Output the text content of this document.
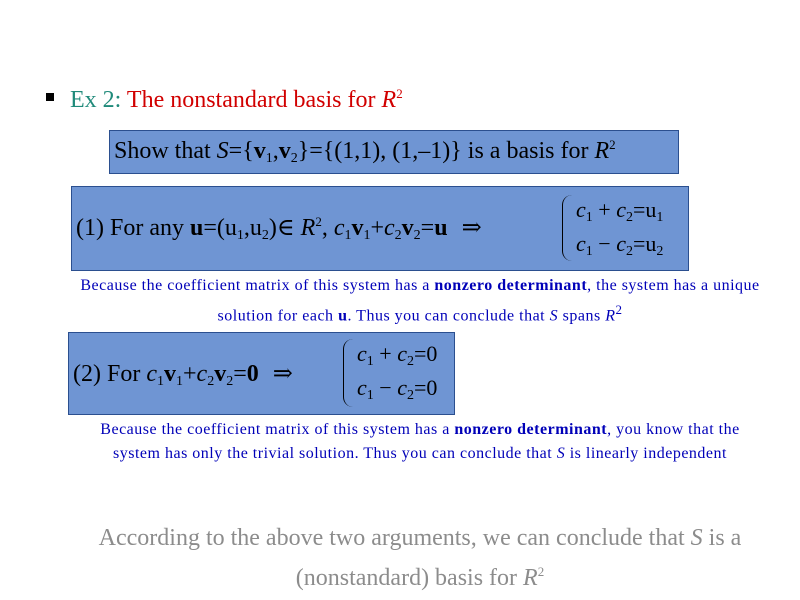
Ex 2: The nonstandard basis for $R^2$
Show that $S=\{v_1,v_2\}=\{(1,1)$, (1,–1)} is a basis for $R^2$
(1) For any $u=(u_1,u_2)\in$ $R^2$, $c_1v_1+c_2v_2=u$ ⇒
$c_1 + c_2=u_1$
$c_1 - c_2=u_2$
Because the coefficient matrix of this system has a nonzero determinant, the system has a unique solution for each u. Thus you can conclude that S spans $R^2$
(2) For $c_1v_1+c_2v_2=0$ ⇒
$c_1 + c_2=0$
$c_1 - c_2=0$
Because the coefficient matrix of this system has a nonzero determinant, you know that the system has only the trivial solution. Thus you can conclude that S is linearly independent
According to the above two arguments, we can conclude that S is a (nonstandard) basis for $R^2$
